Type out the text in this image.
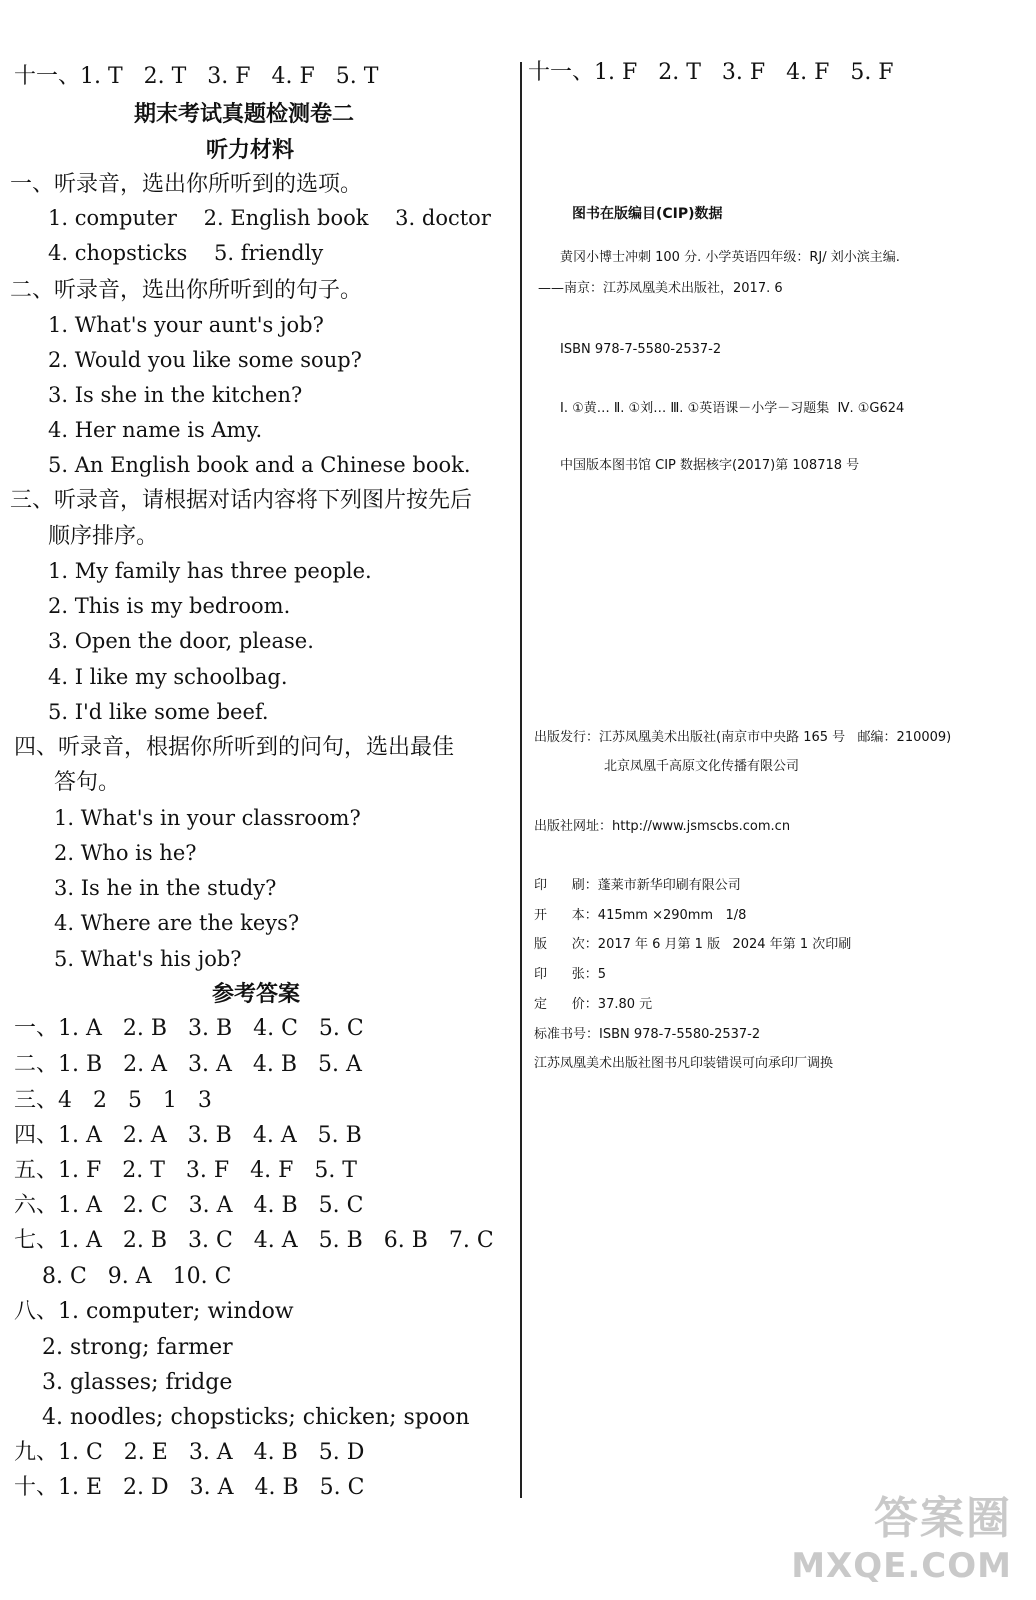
十一、1. T   2. T   3. F   4. F   5. T
期末考试真题检测卷二
听力材料
一、听录音，选出你所听到的选项。
1. computer    2. English book    3. doctor
4. chopsticks    5. friendly
二、听录音，选出你所听到的句子。
1. What's your aunt's job?
2. Would you like some soup?
3. Is she in the kitchen?
4. Her name is Amy.
5. An English book and a Chinese book.
三、听录音，请根据对话内容将下列图片按先后
顺序排序。
1. My family has three people.
2. This is my bedroom.
3. Open the door, please.
4. I like my schoolbag.
5. I'd like some beef.
四、听录音，根据你所听到的问句，选出最佳
答句。
1. What's in your classroom?
2. Who is he?
3. Is he in the study?
4. Where are the keys?
5. What's his job?
参考答案
一、1. A   2. B   3. B   4. C   5. C
二、1. B   2. A   3. A   4. B   5. A
三、4   2   5   1   3
四、1. A   2. A   3. B   4. A   5. B
五、1. F   2. T   3. F   4. F   5. T
六、1. A   2. C   3. A   4. B   5. C
七、1. A   2. B   3. C   4. A   5. B   6. B   7. C
8. C   9. A   10. C
八、1. computer; window
2. strong; farmer
3. glasses; fridge
4. noodles; chopsticks; chicken; spoon
九、1. C   2. E   3. A   4. B   5. D
十、1. E   2. D   3. A   4. B   5. C
十一、1. F   2. T   3. F   4. F   5. F
图书在版编目(CIP)数据
黄冈小博士冲刺 100 分. 小学英语四年级：RJ/ 刘小滨主编.
——南京：江苏凤凰美术出版社，2017. 6
ISBN 978-7-5580-2537-2
Ⅰ. ①黄… Ⅱ. ①刘… Ⅲ. ①英语课－小学－习题集  Ⅳ. ①G624
中国版本图书馆 CIP 数据核字(2017)第 108718 号
出版发行：江苏凤凰美术出版社(南京市中央路 165 号   邮编：210009)
北京凤凰千高原文化传播有限公司
出版社网址：http://www.jsmscbs.com.cn
印      刷：蓬莱市新华印刷有限公司
开      本：415mm ×290mm   1/8
版      次：2017 年 6 月第 1 版   2024 年第 1 次印刷
印      张：5
定      价：37.80 元
标准书号：ISBN 978-7-5580-2537-2
江苏凤凰美术出版社图书凡印装错误可向承印厂调换
答案圈
MXQE.COM
